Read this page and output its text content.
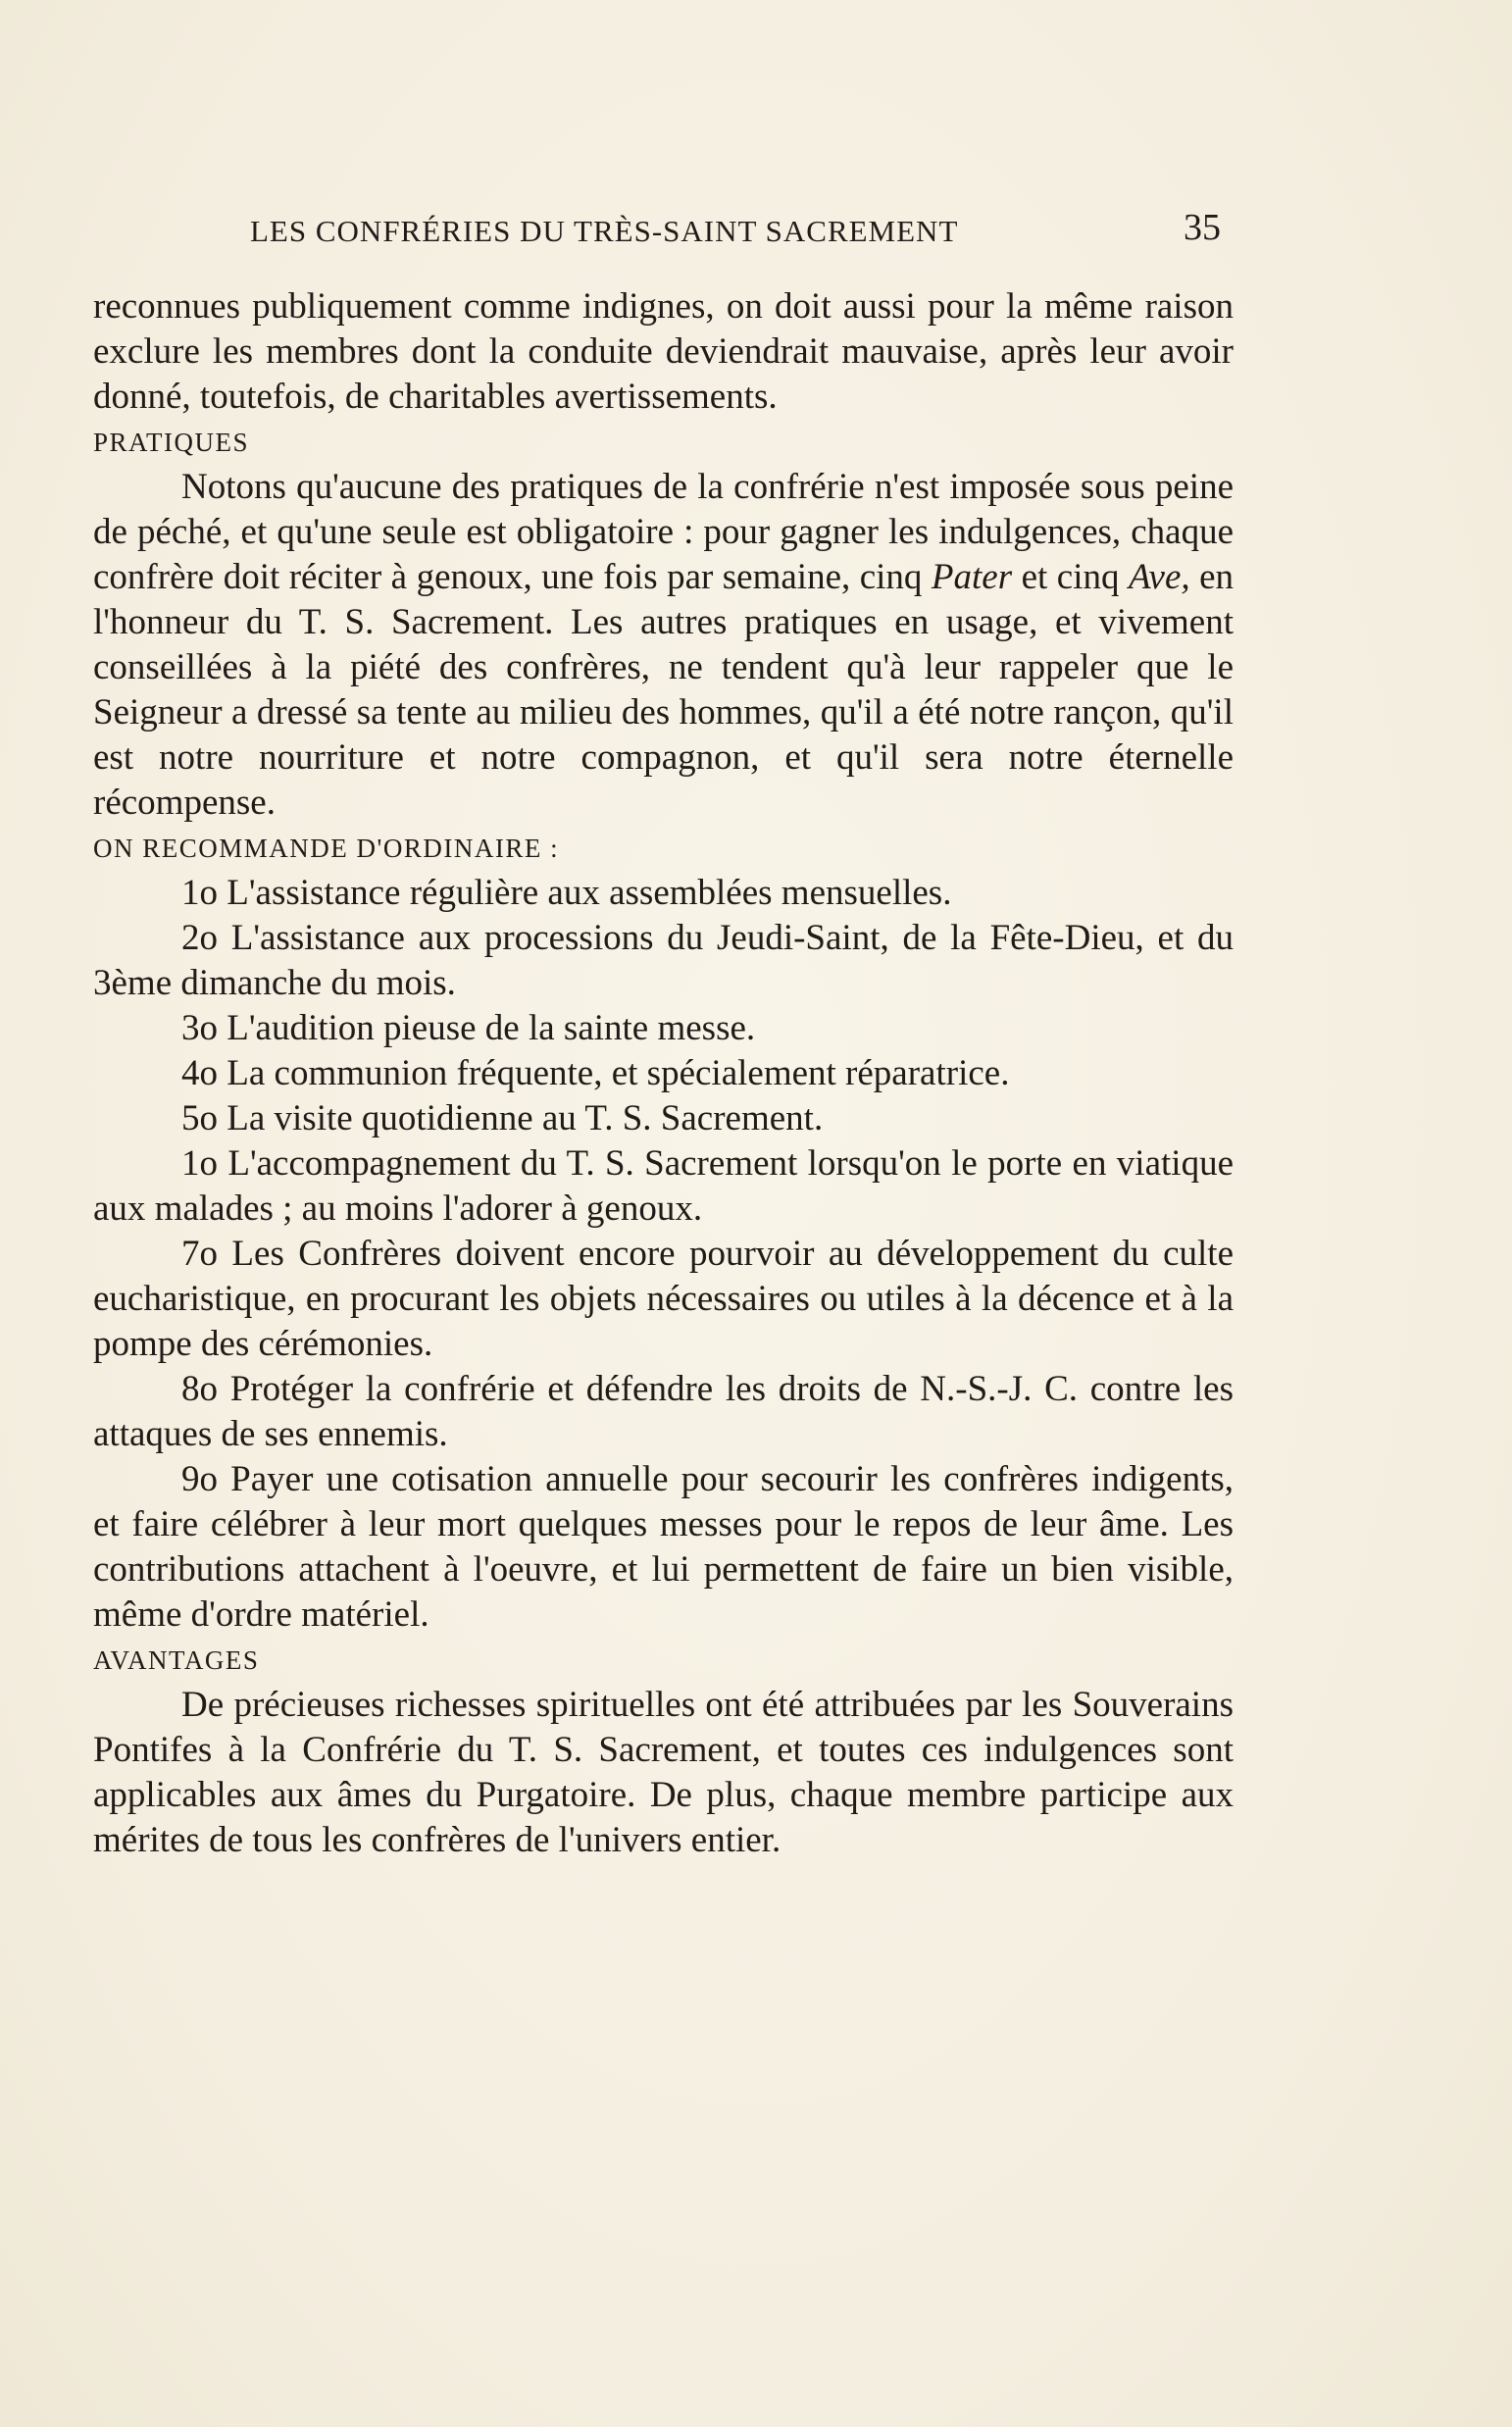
LES CONFRÉRIES DU TRÈS-SAINT SACREMENT	35

reconnues publiquement comme indignes, on doit aussi pour la même raison exclure les membres dont la conduite deviendrait mauvaise, après leur avoir donné, toutefois, de charitables avertissements.

PRATIQUES

Notons qu'aucune des pratiques de la confrérie n'est imposée sous peine de péché, et qu'une seule est obligatoire : pour gagner les indulgences, chaque confrère doit réciter à genoux, une fois par semaine, cinq Pater et cinq Ave, en l'honneur du T. S. Sacrement. Les autres pratiques en usage, et vivement conseillées à la piété des confrères, ne tendent qu'à leur rappeler que le Seigneur a dressé sa tente au milieu des hommes, qu'il a été notre rançon, qu'il est notre nourriture et notre compagnon, et qu'il sera notre éternelle récompense.

ON RECOMMANDE D'ORDINAIRE :

1o L'assistance régulière aux assemblées mensuelles.

2o L'assistance aux processions du Jeudi-Saint, de la Fête-Dieu, et du 3ème dimanche du mois.

3o L'audition pieuse de la sainte messe.

4o La communion fréquente, et spécialement réparatrice.

5o La visite quotidienne au T. S. Sacrement.

1o L'accompagnement du T. S. Sacrement lorsqu'on le porte en viatique aux malades ; au moins l'adorer à genoux.

7o Les Confrères doivent encore pourvoir au développement du culte eucharistique, en procurant les objets nécessaires ou utiles à la décence et à la pompe des cérémonies.

8o Protéger la confrérie et défendre les droits de N.-S.-J. C. contre les attaques de ses ennemis.

9o Payer une cotisation annuelle pour secourir les confrères indigents, et faire célébrer à leur mort quelques messes pour le repos de leur âme. Les contributions attachent à l'oeuvre, et lui permettent de faire un bien visible, même d'ordre matériel.

AVANTAGES

De précieuses richesses spirituelles ont été attribuées par les Souverains Pontifes à la Confrérie du T. S. Sacrement, et toutes ces indulgences sont applicables aux âmes du Purgatoire. De plus, chaque membre participe aux mérites de tous les confrères de l'univers entier.
